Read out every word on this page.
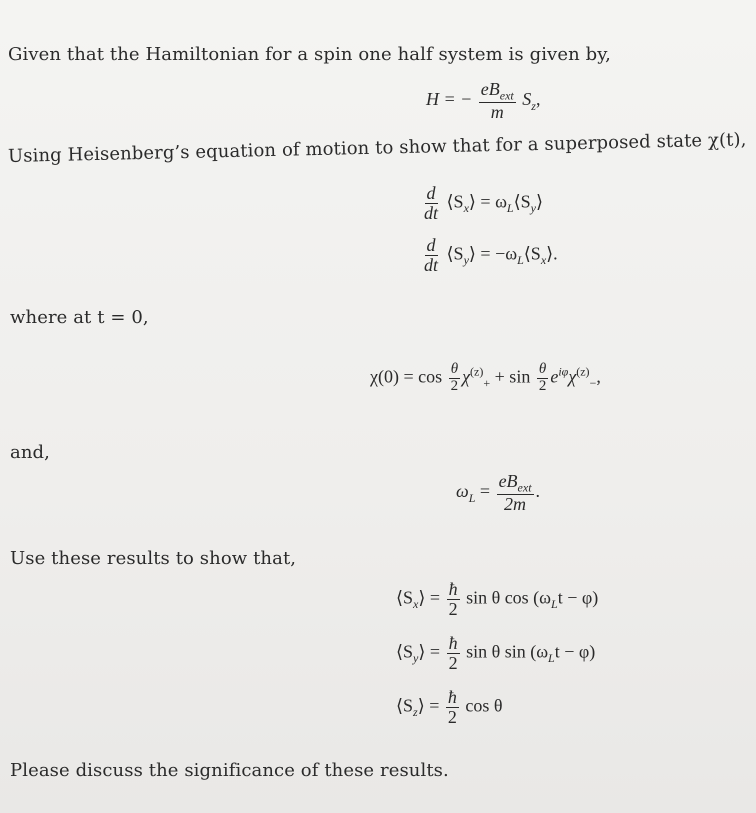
Given that the Hamiltonian for a spin one half system is given by,
H = − $\frac{eB_{ext}}{m} S_z$,
Using Heisenberg’s equation of motion to show that for a superposed state χ(t),
$\frac{d}{dt}$ $⟨S_x⟩$ = $\omega_L⟨S_y⟩$
$\frac{d}{dt}$ $⟨S_y⟩$ = $-\omega_L⟨S_x⟩$.
where at t = 0,
$\chi(0) = \cos \frac{\theta}{2} \chi^{(z)}_+ + \sin \frac{\theta}{2} e^{i\varphi}\chi^{(z)}_-$,
and,
$\omega_L = \frac{eB_{ext}}{2m}$ .
Use these results to show that,
$⟨S_x⟩ = \frac{ħ}{2}$ sin θ $\cos (\omega_Lt - \varphi)$
$⟨S_y⟩ = \frac{ħ}{2}$ sin θ $\sin (\omega_Lt - \varphi)$
$⟨S_z⟩ = \frac{ħ}{2}$ cos θ
Please discuss the significance of these results.
